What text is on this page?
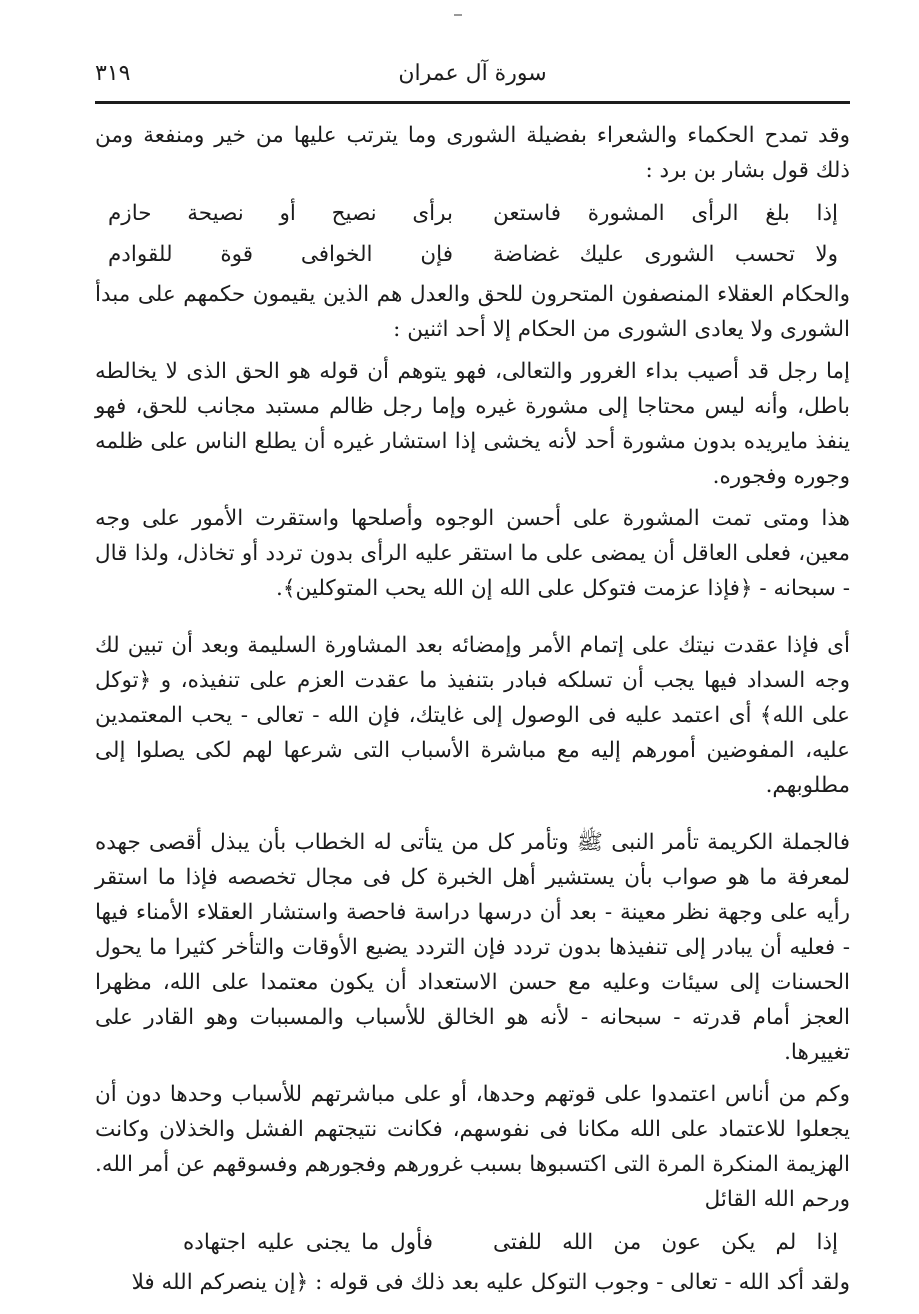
سورة آل عمران
٣١٩

وقد تمدح الحكماء والشعراء بفضيلة الشورى وما يترتب عليها من خير ومنفعة ومن ذلك قول بشار بن برد :

إذا بلغ الرأى المشورة فاستعن
برأى نصيح أو نصيحة حازم
ولا تحسب الشورى عليك غضاضة
فإن الخوافى قوة للقوادم

والحكام العقلاء المنصفون المتحرون للحق والعدل هم الذين يقيمون حكمهم على مبدأ الشورى ولا يعادى الشورى من الحكام إلا أحد اثنين :

إما رجل قد أصيب بداء الغرور والتعالى، فهو يتوهم أن قوله هو الحق الذى لا يخالطه باطل، وأنه ليس محتاجا إلى مشورة غيره وإما رجل ظالم مستبد مجانب للحق، فهو ينفذ مايريده بدون مشورة أحد لأنه يخشى إذا استشار غيره أن يطلع الناس على ظلمه وجوره وفجوره.

هذا ومتى تمت المشورة على أحسن الوجوه وأصلحها واستقرت الأمور على وجه معين، فعلى العاقل أن يمضى على ما استقر عليه الرأى بدون تردد أو تخاذل، ولذا قال - سبحانه - ﴿فإذا عزمت فتوكل على الله إن الله يحب المتوكلين﴾.

أى فإذا عقدت نيتك على إتمام الأمر وإمضائه بعد المشاورة السليمة وبعد أن تبين لك وجه السداد فيها يجب أن تسلكه فبادر بتنفيذ ما عقدت العزم على تنفيذه، و ﴿توكل على الله﴾ أى اعتمد عليه فى الوصول إلى غايتك، فإن الله - تعالى - يحب المعتمدين عليه، المفوضين أمورهم إليه مع مباشرة الأسباب التى شرعها لهم لكى يصلوا إلى مطلوبهم.

فالجملة الكريمة تأمر النبى ﷺ وتأمر كل من يتأتى له الخطاب بأن يبذل أقصى جهده لمعرفة ما هو صواب بأن يستشير أهل الخبرة كل فى مجال تخصصه فإذا ما استقر رأيه على وجهة نظر معينة - بعد أن درسها دراسة فاحصة واستشار العقلاء الأمناء فيها - فعليه أن يبادر إلى تنفيذها بدون تردد فإن التردد يضيع الأوقات والتأخر كثيرا ما يحول الحسنات إلى سيئات وعليه مع حسن الاستعداد أن يكون معتمدا على الله، مظهرا العجز أمام قدرته - سبحانه - لأنه هو الخالق للأسباب والمسببات وهو القادر على تغييرها.

وكم من أناس اعتمدوا على قوتهم وحدها، أو على مباشرتهم للأسباب وحدها دون أن يجعلوا للاعتماد على الله مكانا فى نفوسهم، فكانت نتيجتهم الفشل والخذلان وكانت الهزيمة المنكرة المرة التى اكتسبوها بسبب غرورهم وفجورهم وفسوقهم عن أمر الله. ورحم الله القائل

إذا لم يكن عون من الله للفتى
فأول ما يجنى عليه اجتهاده

ولقد أكد الله - تعالى - وجوب التوكل عليه بعد ذلك فى قوله : ﴿إن ينصركم الله فلا
